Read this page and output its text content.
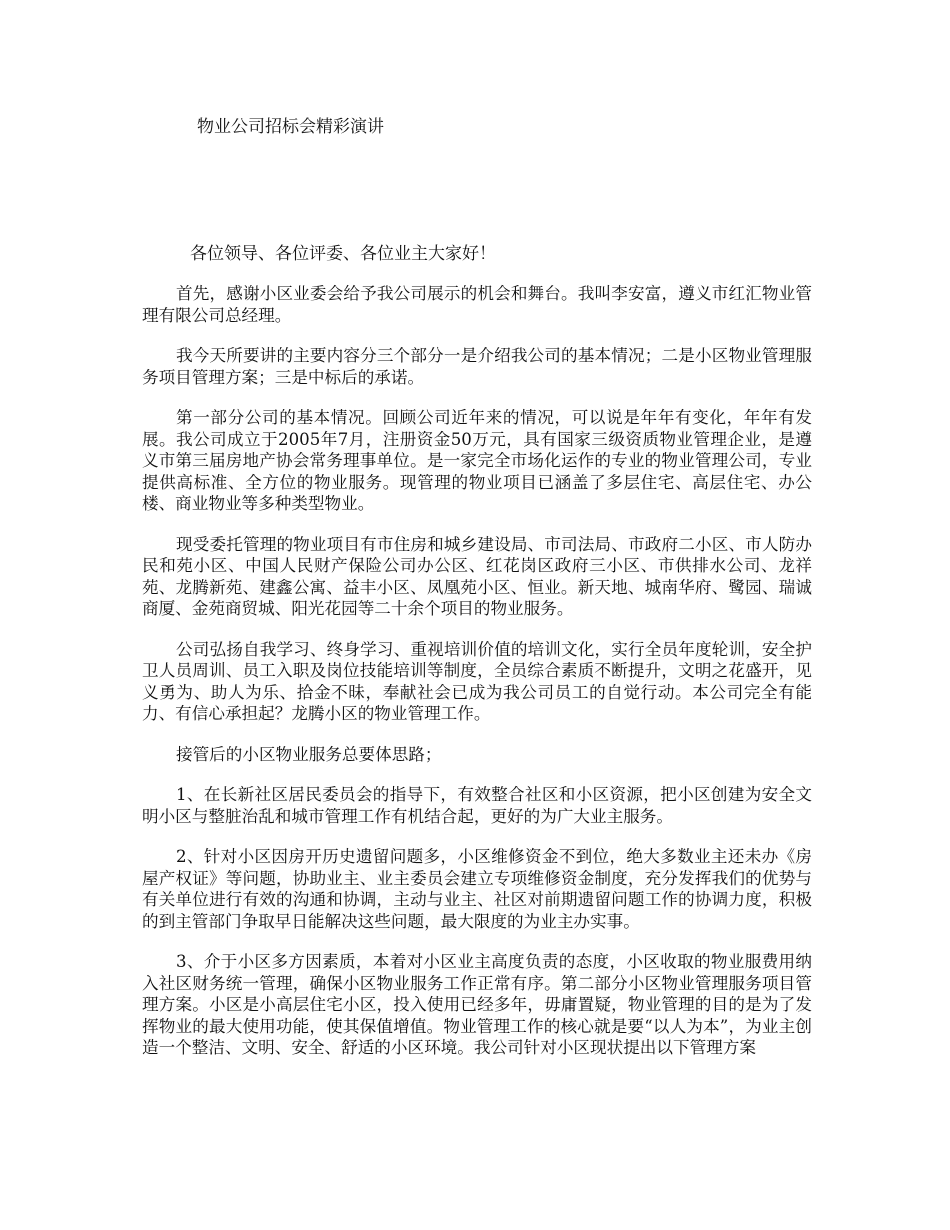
物业公司招标会精彩演讲
各位领导、各位评委、各位业主大家好！

首先，感谢小区业委会给予我公司展示的机会和舞台。我叫李安富，遵义市红汇物业管理有限公司总经理。

我今天所要讲的主要内容分三个部分一是介绍我公司的基本情况；二是小区物业管理服务项目管理方案；三是中标后的承诺。

第一部分公司的基本情况。回顾公司近年来的情况，可以说是年年有变化，年年有发展。我公司成立于2005年7月，注册资金50万元，具有国家三级资质物业管理企业，是遵义市第三届房地产协会常务理事单位。是一家完全市场化运作的专业的物业管理公司，专业提供高标准、全方位的物业服务。现管理的物业项目已涵盖了多层住宅、高层住宅、办公楼、商业物业等多种类型物业。

现受委托管理的物业项目有市住房和城乡建设局、市司法局、市政府二小区、市人防办民和苑小区、中国人民财产保险公司办公区、红花岗区政府三小区、市供排水公司、龙祥苑、龙腾新苑、建鑫公寓、益丰小区、凤凰苑小区、恒业。新天地、城南华府、鹭园、瑞诚商厦、金苑商贸城、阳光花园等二十余个项目的物业服务。

公司弘扬自我学习、终身学习、重视培训价值的培训文化，实行全员年度轮训，安全护卫人员周训、员工入职及岗位技能培训等制度，全员综合素质不断提升，文明之花盛开，见义勇为、助人为乐、拾金不昧，奉献社会已成为我公司员工的自觉行动。本公司完全有能力、有信心承担起？龙腾小区的物业管理工作。

接管后的小区物业服务总要体思路；

1、在长新社区居民委员会的指导下，有效整合社区和小区资源，把小区创建为安全文明小区与整脏治乱和城市管理工作有机结合起，更好的为广大业主服务。

2、针对小区因房开历史遗留问题多，小区维修资金不到位，绝大多数业主还未办《房屋产权证》等问题，协助业主、业主委员会建立专项维修资金制度，充分发挥我们的优势与有关单位进行有效的沟通和协调，主动与业主、社区对前期遗留问题工作的协调力度，积极的到主管部门争取早日能解决这些问题，最大限度的为业主办实事。

3、介于小区多方因素质，本着对小区业主高度负责的态度，小区收取的物业服费用纳入社区财务统一管理，确保小区物业服务工作正常有序。第二部分小区物业管理服务项目管理方案。小区是小高层住宅小区，投入使用已经多年，毋庸置疑，物业管理的目的是为了发挥物业的最大使用功能，使其保值增值。物业管理工作的核心就是要“以人为本”，为业主创造一个整洁、文明、安全、舒适的小区环境。我公司针对小区现状提出以下管理方案
